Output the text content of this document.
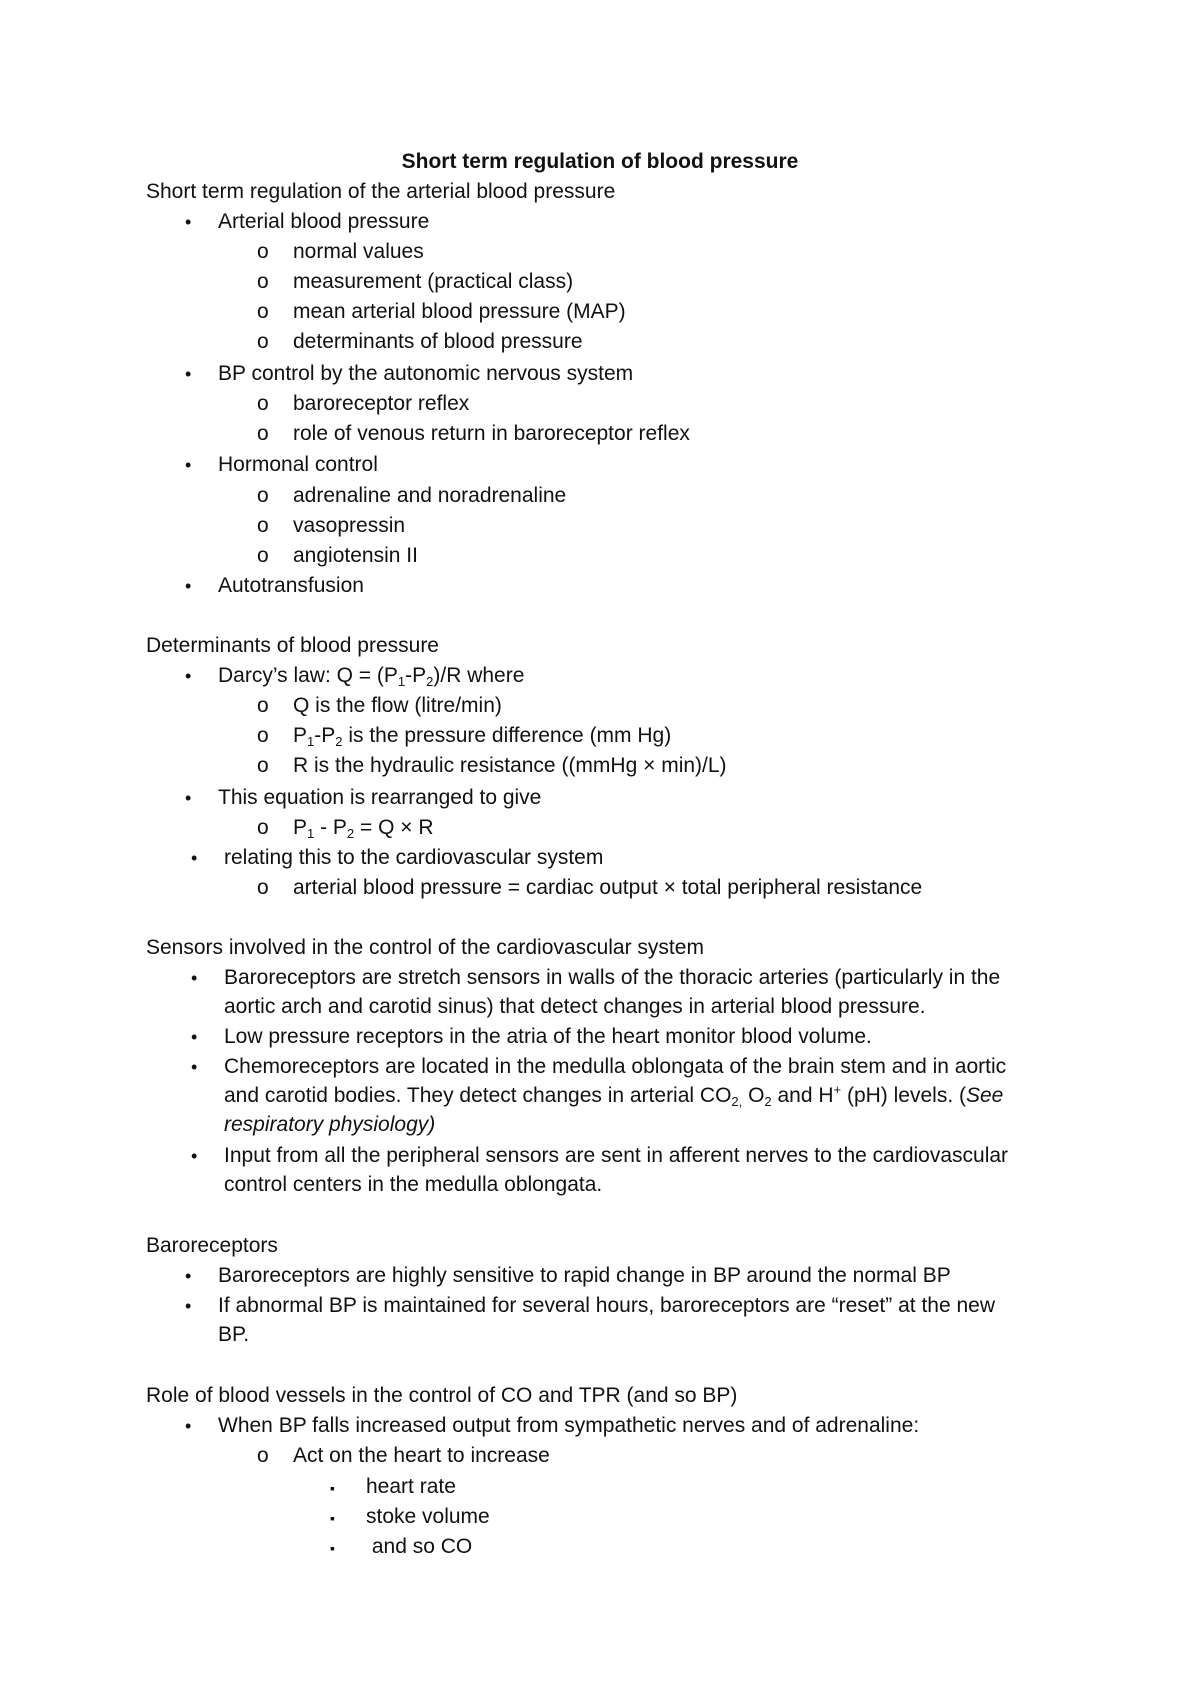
Short term regulation of blood pressure
Short term regulation of the arterial blood pressure
• Arterial blood pressure
o normal values
o measurement (practical class)
o mean arterial blood pressure (MAP)
o determinants of blood pressure
• BP control by the autonomic nervous system
o baroreceptor reflex
o role of venous return in baroreceptor reflex
• Hormonal control
o adrenaline and noradrenaline
o vasopressin
o angiotensin II
• Autotransfusion
Determinants of blood pressure
• Darcy’s law: $Q = (P_1-P_2)/R$ where
o Q is the flow (litre/min)
o $P_1-P_2$ is the pressure difference (mm Hg)
o R is the hydraulic resistance ((mmHg × min)/L)
• This equation is rearranged to give
o $P_1 - P_2 = Q \times R$
• relating this to the cardiovascular system
o arterial blood pressure = cardiac output × total peripheral resistance
Sensors involved in the control of the cardiovascular system
• Baroreceptors are stretch sensors in walls of the thoracic arteries (particularly in the
aortic arch and carotid sinus) that detect changes in arterial blood pressure.
• Low pressure receptors in the atria of the heart monitor blood volume.
• Chemoreceptors are located in the medulla oblongata of the brain stem and in aortic
and carotid bodies. They detect changes in arterial $CO_{2,}$ $O_2$ and H+ (pH) levels. (See
respiratory physiology)
• Input from all the peripheral sensors are sent in afferent nerves to the cardiovascular
control centers in the medulla oblongata.
Baroreceptors
• Baroreceptors are highly sensitive to rapid change in BP around the normal BP
• If abnormal BP is maintained for several hours, baroreceptors are “reset” at the new
BP.
Role of blood vessels in the control of CO and TPR (and so BP)
• When BP falls increased output from sympathetic nerves and of adrenaline:
o Act on the heart to increase
▪ heart rate
▪ stoke volume
▪ and so CO
